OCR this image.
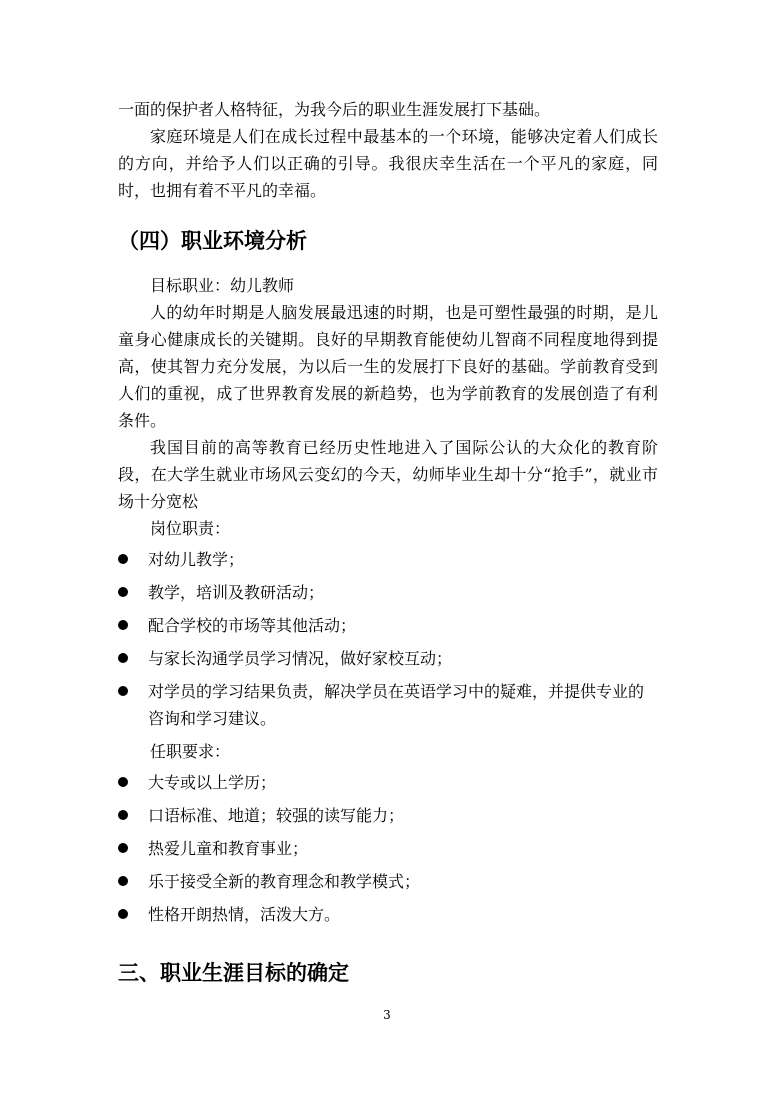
一面的保护者人格特征，为我今后的职业生涯发展打下基础。

家庭环境是人们在成长过程中最基本的一个环境，能够决定着人们成长的方向，并给予人们以正确的引导。我很庆幸生活在一个平凡的家庭，同时，也拥有着不平凡的幸福。

（四）职业环境分析

目标职业：幼儿教师

人的幼年时期是人脑发展最迅速的时期，也是可塑性最强的时期，是儿童身心健康成长的关键期。良好的早期教育能使幼儿智商不同程度地得到提高，使其智力充分发展，为以后一生的发展打下良好的基础。学前教育受到人们的重视，成了世界教育发展的新趋势，也为学前教育的发展创造了有利条件。

我国目前的高等教育已经历史性地进入了国际公认的大众化的教育阶段，在大学生就业市场风云变幻的今天，幼师毕业生却十分“抢手”，就业市场十分宽松

岗位职责：

对幼儿教学；
教学，培训及教研活动；
配合学校的市场等其他活动；
与家长沟通学员学习情况，做好家校互动；
对学员的学习结果负责，解决学员在英语学习中的疑难，并提供专业的咨询和学习建议。

任职要求：

大专或以上学历；
口语标准、地道；较强的读写能力；
热爱儿童和教育事业；
乐于接受全新的教育理念和教学模式；
性格开朗热情，活泼大方。
三、职业生涯目标的确定
3
